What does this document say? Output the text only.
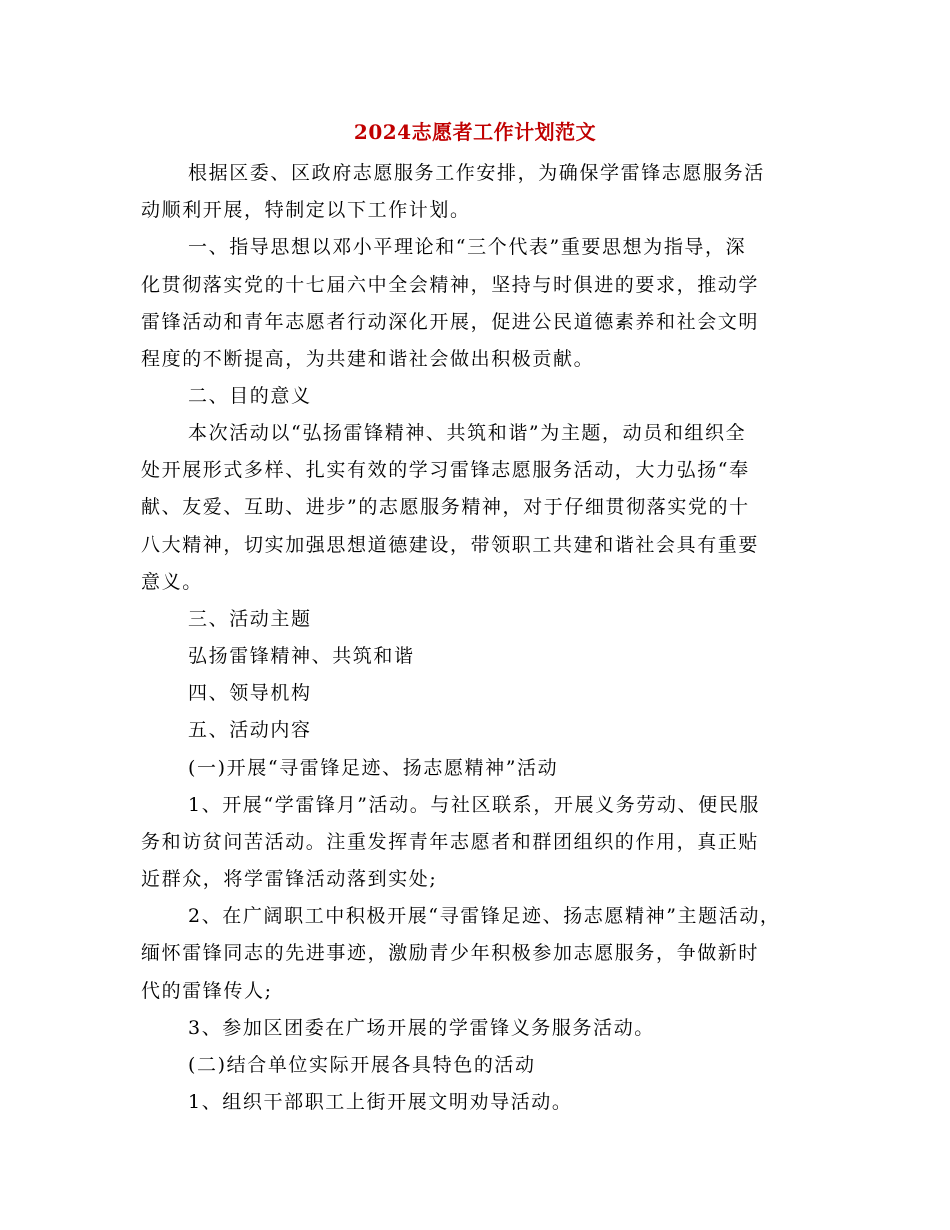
2024志愿者工作计划范文
根据区委、区政府志愿服务工作安排，为确保学雷锋志愿服务活
动顺利开展，特制定以下工作计划。
一、指导思想以邓小平理论和“三个代表”重要思想为指导，深
化贯彻落实党的十七届六中全会精神，坚持与时俱进的要求，推动学
雷锋活动和青年志愿者行动深化开展，促进公民道德素养和社会文明
程度的不断提高，为共建和谐社会做出积极贡献。
二、目的意义
本次活动以“弘扬雷锋精神、共筑和谐”为主题，动员和组织全
处开展形式多样、扎实有效的学习雷锋志愿服务活动，大力弘扬“奉
献、友爱、互助、进步”的志愿服务精神，对于仔细贯彻落实党的十
八大精神，切实加强思想道德建设，带领职工共建和谐社会具有重要
意义。
三、活动主题
弘扬雷锋精神、共筑和谐
四、领导机构
五、活动内容
(一)开展“寻雷锋足迹、扬志愿精神”活动
1、开展“学雷锋月”活动。与社区联系，开展义务劳动、便民服
务和访贫问苦活动。注重发挥青年志愿者和群团组织的作用，真正贴
近群众，将学雷锋活动落到实处;
2、在广阔职工中积极开展“寻雷锋足迹、扬志愿精神”主题活动，
缅怀雷锋同志的先进事迹，激励青少年积极参加志愿服务，争做新时
代的雷锋传人;
3、参加区团委在广场开展的学雷锋义务服务活动。
(二)结合单位实际开展各具特色的活动
1、组织干部职工上街开展文明劝导活动。
